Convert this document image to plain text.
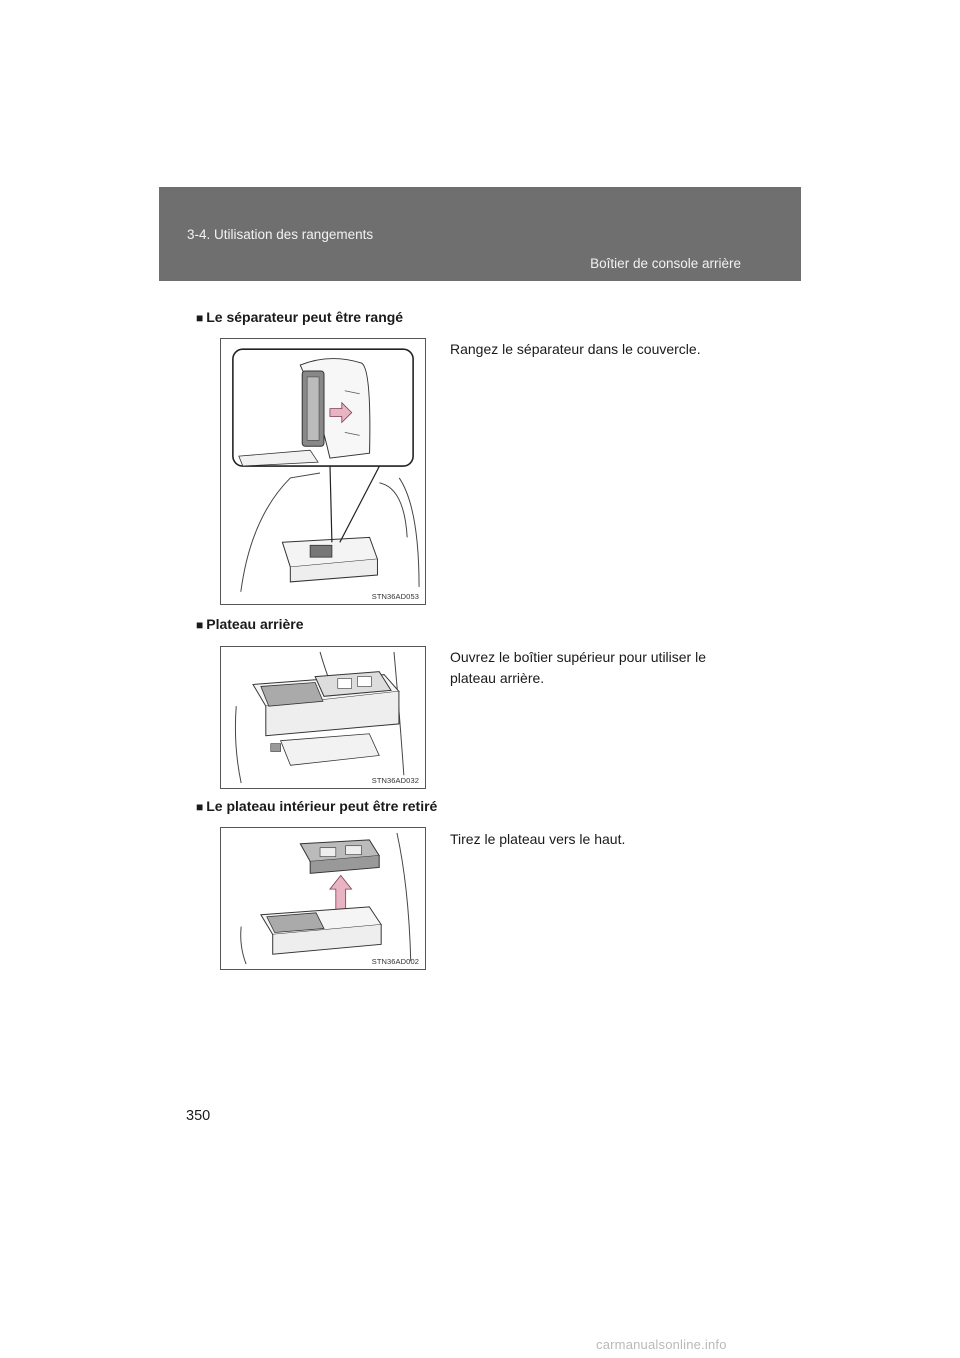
3-4. Utilisation des rangements
Boîtier de console arrière
■ Le séparateur peut être rangé
STN36AD053
Rangez le séparateur dans le couvercle.
■ Plateau arrière
STN36AD032
Ouvrez le boîtier supérieur pour utiliser le plateau arrière.
■ Le plateau intérieur peut être retiré
STN36AD002
Tirez le plateau vers le haut.
350
carmanualsonline.info
